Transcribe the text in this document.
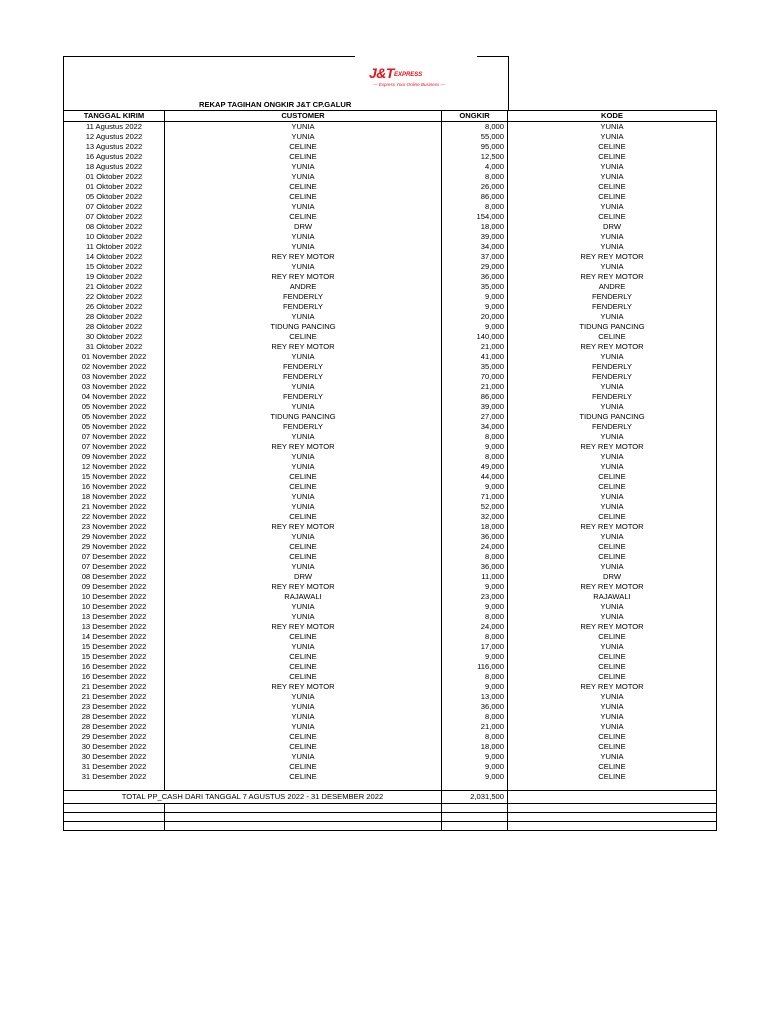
$J\&T^{EXPRESS}$
— Express Your Online Business —
REKAP TAGIHAN ONGKIR J&T CP.GALUR
TANGGAL KIRIM	CUSTOMER	ONGKIR	KODE
11 Agustus 2022	YUNIA	8,000	YUNIA
12 Agustus 2022	YUNIA	55,000	YUNIA
13 Agustus 2022	CELINE	95,000	CELINE
16 Agustus 2022	CELINE	12,500	CELINE
18 Agustus 2022	YUNIA	4,000	YUNIA
01 Oktober 2022	YUNIA	8,000	YUNIA
01 Oktober 2022	CELINE	26,000	CELINE
05 Oktober 2022	CELINE	86,000	CELINE
07 Oktober 2022	YUNIA	8,000	YUNIA
07 Oktober 2022	CELINE	154,000	CELINE
08 Oktober 2022	DRW	18,000	DRW
10 Oktober 2022	YUNIA	39,000	YUNIA
11 Oktober 2022	YUNIA	34,000	YUNIA
14 Oktober 2022	REY REY MOTOR	37,000	REY REY MOTOR
15 Oktober 2022	YUNIA	29,000	YUNIA
19 Oktober 2022	REY REY MOTOR	36,000	REY REY MOTOR
21 Oktober 2022	ANDRE	35,000	ANDRE
22 Oktober 2022	FENDERLY	9,000	FENDERLY
26 Oktober 2022	FENDERLY	9,000	FENDERLY
28 Oktober 2022	YUNIA	20,000	YUNIA
28 Oktober 2022	TIDUNG PANCING	9,000	TIDUNG PANCING
30 Oktober 2022	CELINE	140,000	CELINE
31 Oktober 2022	REY REY MOTOR	21,000	REY REY MOTOR
01 November 2022	YUNIA	41,000	YUNIA
02 November 2022	FENDERLY	35,000	FENDERLY
03 November 2022	FENDERLY	70,000	FENDERLY
03 November 2022	YUNIA	21,000	YUNIA
04 November 2022	FENDERLY	86,000	FENDERLY
05 November 2022	YUNIA	39,000	YUNIA
05 November 2022	TIDUNG PANCING	27,000	TIDUNG PANCING
05 November 2022	FENDERLY	34,000	FENDERLY
07 November 2022	YUNIA	8,000	YUNIA
07 November 2022	REY REY MOTOR	9,000	REY REY MOTOR
09 November 2022	YUNIA	8,000	YUNIA
12 November 2022	YUNIA	49,000	YUNIA
15 November 2022	CELINE	44,000	CELINE
16 November 2022	CELINE	9,000	CELINE
18 November 2022	YUNIA	71,000	YUNIA
21 November 2022	YUNIA	52,000	YUNIA
22 November 2022	CELINE	32,000	CELINE
23 November 2022	REY REY MOTOR	18,000	REY REY MOTOR
29 November 2022	YUNIA	36,000	YUNIA
29 November 2022	CELINE	24,000	CELINE
07 Desember 2022	CELINE	8,000	CELINE
07 Desember 2022	YUNIA	36,000	YUNIA
08 Desember 2022	DRW	11,000	DRW
09 Desember 2022	REY REY MOTOR	9,000	REY REY MOTOR
10 Desember 2022	RAJAWALI	23,000	RAJAWALI
10 Desember 2022	YUNIA	9,000	YUNIA
13 Desember 2022	YUNIA	8,000	YUNIA
13 Desember 2022	REY REY MOTOR	24,000	REY REY MOTOR
14 Desember 2022	CELINE	8,000	CELINE
15 Desember 2022	YUNIA	17,000	YUNIA
15 Desember 2022	CELINE	9,000	CELINE
16 Desember 2022	CELINE	116,000	CELINE
16 Desember 2022	CELINE	8,000	CELINE
21 Desember 2022	REY REY MOTOR	9,000	REY REY MOTOR
21 Desember 2022	YUNIA	13,000	YUNIA
23 Desember 2022	YUNIA	36,000	YUNIA
28 Desember 2022	YUNIA	8,000	YUNIA
28 Desember 2022	YUNIA	21,000	YUNIA
29 Desember 2022	CELINE	8,000	CELINE
30 Desember 2022	CELINE	18,000	CELINE
30 Desember 2022	YUNIA	9,000	YUNIA
31 Desember 2022	CELINE	9,000	CELINE
31 Desember 2022	CELINE	9,000	CELINE

TOTAL PP_CASH DARI TANGGAL 7 AGUSTUS 2022 - 31 DESEMBER 2022		2,031,500	
